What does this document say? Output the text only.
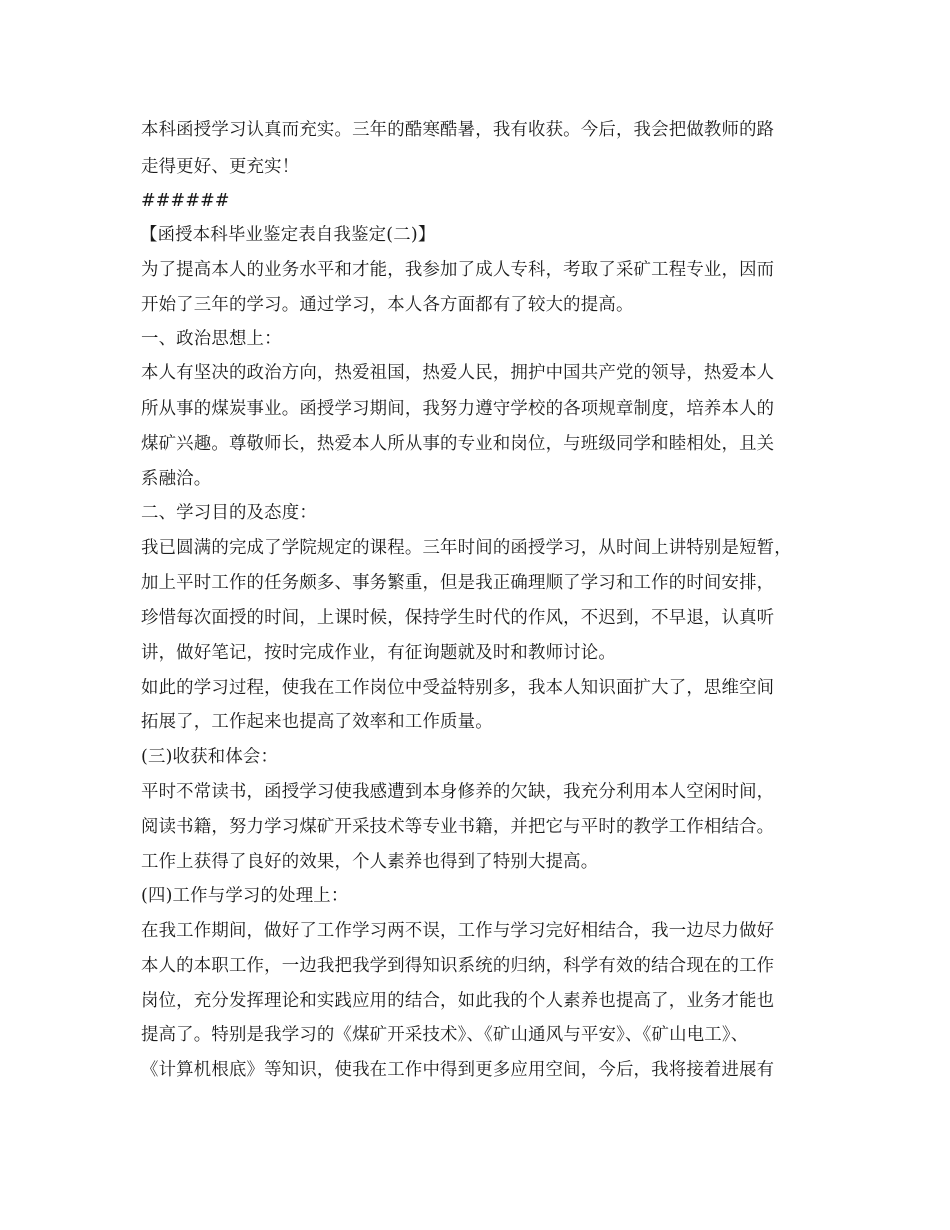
本科函授学习认真而充实。三年的酷寒酷暑，我有收获。今后，我会把做教师的路
走得更好、更充实！
######
【函授本科毕业鉴定表自我鉴定(二)】
为了提高本人的业务水平和才能，我参加了成人专科，考取了采矿工程专业，因而
开始了三年的学习。通过学习，本人各方面都有了较大的提高。
一、政治思想上：
本人有坚决的政治方向，热爱祖国，热爱人民，拥护中国共产党的领导，热爱本人
所从事的煤炭事业。函授学习期间，我努力遵守学校的各项规章制度，培养本人的
煤矿兴趣。尊敬师长，热爱本人所从事的专业和岗位，与班级同学和睦相处，且关
系融洽。
二、学习目的及态度：
我已圆满的完成了学院规定的课程。三年时间的函授学习，从时间上讲特别是短暂，
加上平时工作的任务颇多、事务繁重，但是我正确理顺了学习和工作的时间安排，
珍惜每次面授的时间，上课时候，保持学生时代的作风，不迟到，不早退，认真听
讲，做好笔记，按时完成作业，有征询题就及时和教师讨论。
如此的学习过程，使我在工作岗位中受益特别多，我本人知识面扩大了，思维空间
拓展了，工作起来也提高了效率和工作质量。
(三)收获和体会：
平时不常读书，函授学习使我感遭到本身修养的欠缺，我充分利用本人空闲时间，
阅读书籍，努力学习煤矿开采技术等专业书籍，并把它与平时的教学工作相结合。
工作上获得了良好的效果，个人素养也得到了特别大提高。
(四)工作与学习的处理上：
在我工作期间，做好了工作学习两不误，工作与学习完好相结合，我一边尽力做好
本人的本职工作，一边我把我学到得知识系统的归纳，科学有效的结合现在的工作
岗位，充分发挥理论和实践应用的结合，如此我的个人素养也提高了，业务才能也
提高了。特别是我学习的《煤矿开采技术》、《矿山通风与平安》、《矿山电工》、
《计算机根底》等知识，使我在工作中得到更多应用空间，今后，我将接着进展有
